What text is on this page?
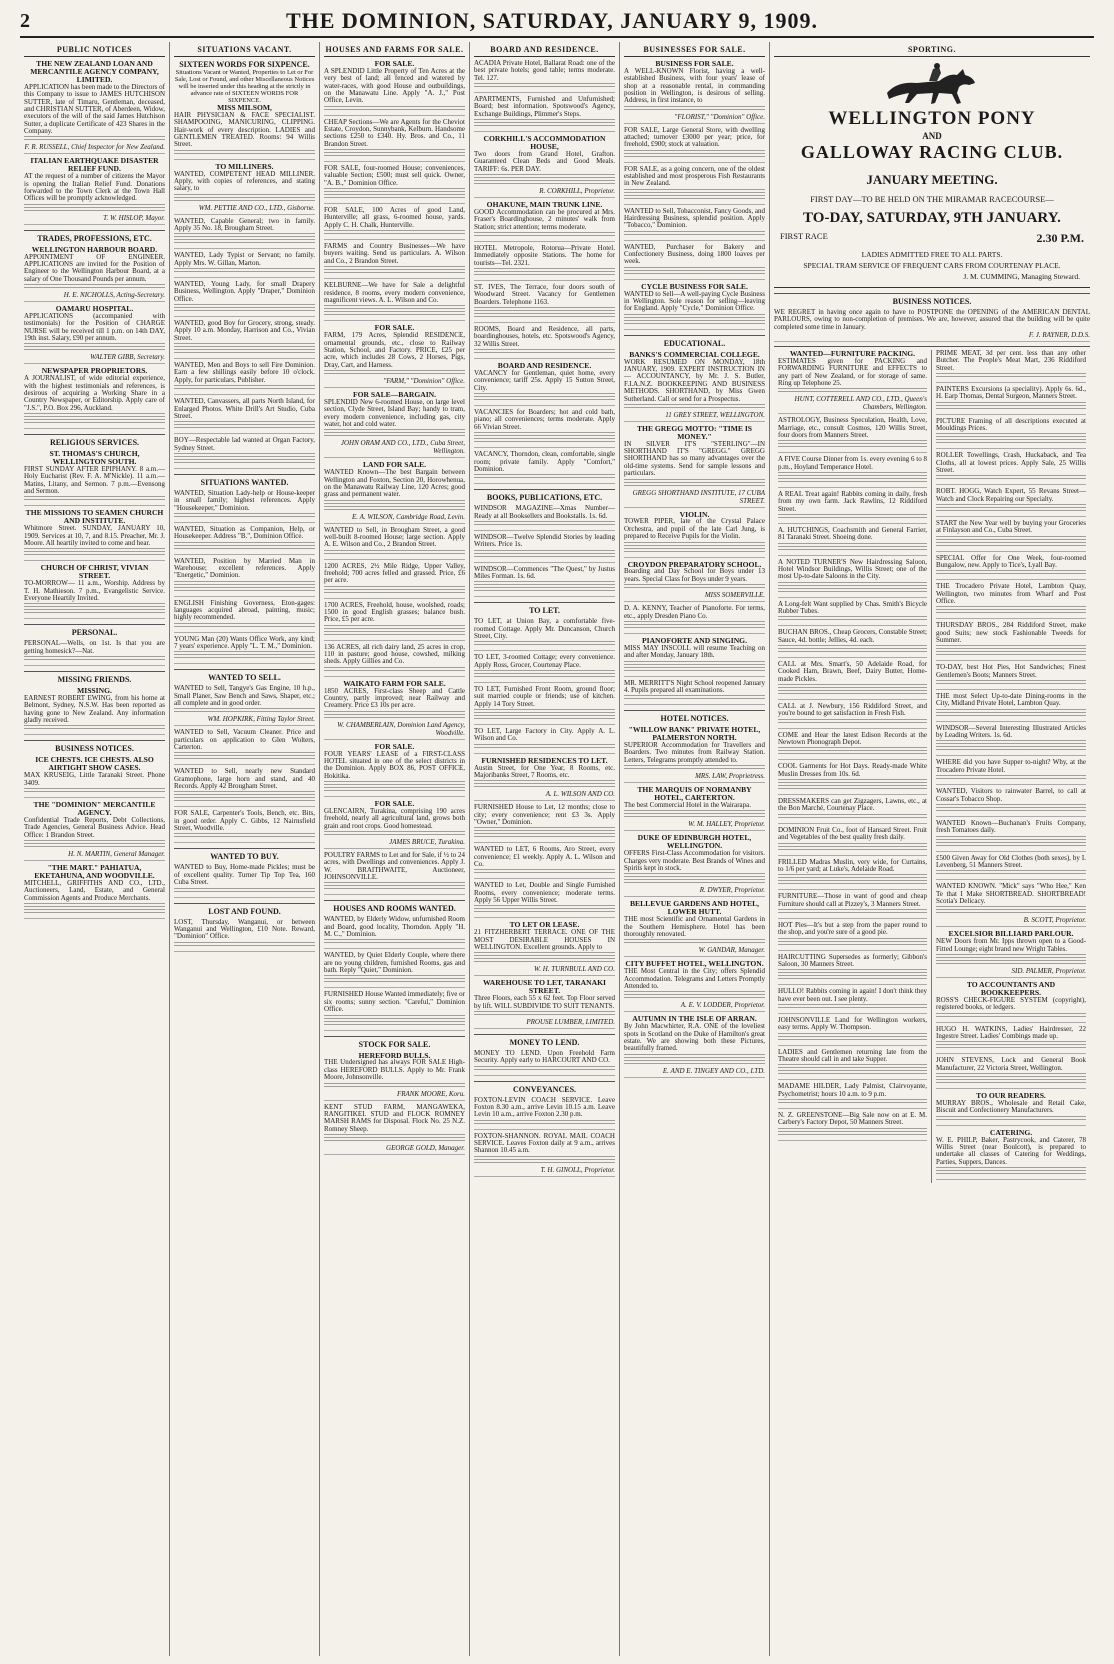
2	THE DOMINION, SATURDAY, JANUARY 9, 1909.
PUBLIC NOTICES
THE NEW ZEALAND LOAN AND MERCANTILE AGENCY COMPANY, LIMITED.
APPLICATION has been made to the Directors of this Company to issue to JAMES HUTCHISON SUTTER, late of Timaru, Gentleman, deceased, and CHRISTIAN SUTTER, of Aberdeen, Widow, executors of the will of the said James Hutchison Sutter, a duplicate Certificate of 423 Shares in the Company.
F. R. RUSSELL, Chief Inspector for New Zealand.
ITALIAN EARTHQUAKE DISASTER RELIEF FUND.
AT the request of a number of citizens the Mayor is opening the Italian Relief Fund. Donations forwarded to the Town Clerk at the Town Hall Offices will be promptly acknowledged.
T. W. HISLOP, Mayor.
TRADES, PROFESSIONS, ETC.
WELLINGTON HARBOUR BOARD.
APPOINTMENT OF ENGINEER. APPLICATIONS are invited for the Position of Engineer to the Wellington Harbour Board, at a salary of One Thousand Pounds per annum.
H. E. NICHOLLS, Acting-Secretary.
OAMARU HOSPITAL.
APPLICATIONS (accompanied with testimonials) for the Position of CHARGE NURSE will be received till 1 p.m. on 14th DAY, 19th inst. Salary, £90 per annum.
WALTER GIBB, Secretary.
NEWSPAPER PROPRIETORS.
A JOURNALIST, of wide editorial experience, with the highest testimonials and references, is desirous of acquiring a Working Share in a Country Newspaper, or Editorship. Apply care of "J.S.", P.O. Box 296, Auckland.
RELIGIOUS SERVICES.
ST. THOMAS'S CHURCH, WELLINGTON SOUTH.
FIRST SUNDAY AFTER EPIPHANY. 8 a.m.—Holy Eucharist (Rev. F. A. M'Nickle). 11 a.m.—Matins, Litany, and Sermon. 7 p.m.—Evensong and Sermon.
THE MISSIONS TO SEAMEN CHURCH AND INSTITUTE.
Whitmore Street. SUNDAY, JANUARY 10, 1909. Services at 10, 7, and 8.15. Preacher, Mr. J. Moore. All heartily invited to come and hear.
CHURCH OF CHRIST, VIVIAN STREET.
TO-MORROW— 11 a.m., Worship. Address by T. H. Mathieson. 7 p.m., Evangelistic Service. Everyone Heartily Invited.
PERSONAL.
PERSONAL—Wells, on 1st. Is that you are getting homesick?—Nat.
MISSING FRIENDS.
MISSING.
EARNEST ROBERT EWING, from his home at Belmont, Sydney, N.S.W. Has been reported as having gone to New Zealand. Any information gladly received.
BUSINESS NOTICES.
ICE CHESTS. ICE CHESTS. ALSO AIRTIGHT SHOW CASES.
MAX KRUSEIG, Little Taranaki Street. Phone 3409.
THE "DOMINION" MERCANTILE AGENCY.
Confidential Trade Reports, Debt Collections, Trade Agencies, General Business Advice. Head Office: 1 Brandon Street.
H. N. MARTIN, General Manager.
"THE MART." PAHIATUA, EKETAHUNA, AND WOODVILLE.
MITCHELL, GRIFFITHS AND CO., LTD., Auctioneers, Land, Estate, and General Commission Agents and Produce Merchants.
SITUATIONS VACANT.
SIXTEEN WORDS FOR SIXPENCE.
Situations Vacant or Wanted, Properties to Let or For Sale, Lost or Found, and other Miscellaneous Notices will be inserted under this heading at the strictly in advance rate of SIXTEEN WORDS FOR SIXPENCE.
MISS MILSOM,
HAIR PHYSICIAN & FACE SPECIALIST. SHAMPOOING, MANICURING, CLIPPING. Hair-work of every description. LADIES and GENTLEMEN TREATED. Rooms: 94 Willis Street.
TO MILLINERS.
WANTED, COMPETENT HEAD MILLINER. Apply, with copies of references, and stating salary, to
WM. PETTIE AND CO., LTD., Gisborne.
WANTED, Capable General; two in family. Apply 35 No. 18, Brougham Street.
WANTED, Lady Typist or Servant; no family. Apply Mrs. W. Gillan, Marton.
WANTED, Young Lady, for small Drapery Business, Wellington. Apply "Draper," Dominion Office.
WANTED, good Boy for Grocery, strong, steady. Apply 10 a.m. Monday, Harrison and Co., Vivian Street.
WANTED, Men and Boys to sell Fire Dominion. Earn a few shillings easily before 10 o'clock. Apply, for particulars, Publisher.
WANTED, Canvassers, all parts North Island, for Enlarged Photos. White Drill's Art Studio, Cuba Street.
BOY—Respectable lad wanted at Organ Factory, Sydney Street.
SITUATIONS WANTED.
WANTED, Situation Lady-help or House-keeper in small family; highest references. Apply "Housekeeper," Dominion.
WANTED, Situation as Companion, Help, or Housekeeper. Address "B.", Dominion Office.
WANTED, Position by Married Man in Warehouse; excellent references. Apply "Energetic," Dominion.
ENGLISH Finishing Governess, Eton-gages: languages acquired abroad, painting, music; highly recommended.
YOUNG Man (20) Wants Office Work, any kind; 7 years' experience. Apply "L. T. M.," Dominion.
WANTED TO SELL.
WANTED to Sell, Tangye's Gas Engine, 10 h.p., Small Planer, Saw Bench and Saws, Shaper, etc.; all complete and in good order.
WM. HOPKIRK, Fitting Taylor Street.
WANTED to Sell, Vacuum Cleaner. Price and particulars on application to Glen Wolters, Carterton.
WANTED to Sell, nearly new Standard Gramophone, large horn and stand, and 40 Records. Apply 42 Brougham Street.
FOR SALE, Carpenter's Tools, Bench, etc. Bits, in good order. Apply C. Gibbs, 12 Nairnsfield Street, Woodville.
WANTED TO BUY.
WANTED to Buy, Home-made Pickles; must be of excellent quality. Turner Tip Top Tea, 160 Cuba Street.
LOST AND FOUND.
LOST, Thursday, Wanganui, or between Wanganui and Wellington, £10 Note. Reward, "Dominion" Office.
HOUSES AND FARMS FOR SALE.
FOR SALE.
A SPLENDID Little Property of Ten Acres at the very best of land; all fenced and watered by water-races, with good House and outbuildings, on the Manawatu Line. Apply "A. J.," Post Office, Levin.
CHEAP Sections—We are Agents for the Cheviot Estate, Croydon, Sunnybank, Kelburn. Handsome sections £250 to £340. Hy. Bros. and Co., 11 Brandon Street.
FOR SALE, four-roomed House; conveniences, valuable Section; £500; must sell quick. Owner, "A. B.," Dominion Office.
FOR SALE, 100 Acres of good Land, Hunterville; all grass, 6-roomed house, yards. Apply C. H. Chalk, Hunterville.
FARMS and Country Businesses—We have buyers waiting. Send us particulars. A. Wilson and Co., 2 Brandon Street.
KELBURNE—We have for Sale a delightful residence, 8 rooms, every modern convenience, magnificent views. A. L. Wilson and Co.
FOR SALE.
FARM, 179 Acres, Splendid RESIDENCE, ornamental grounds, etc., close to Railway Station, School, and Factory. PRICE, £25 per acre, which includes 28 Cows, 2 Horses, Pigs, Dray, Cart, and Harness.
"FARM," "Dominion" Office.
FOR SALE—BARGAIN.
SPLENDID New 6-roomed House, on large level section, Clyde Street, Island Bay; handy to tram, every modern convenience, including gas, city water, hot and cold water.
JOHN ORAM AND CO., LTD., Cuba Street, Wellington.
LAND FOR SALE.
WANTED Known—The best Bargain between Wellington and Foxton, Section 20, Horowhenua, on the Manawatu Railway Line, 120 Acres; good grass and permanent water.
E. A. WILSON, Cambridge Road, Levin.
WANTED to Sell, in Brougham Street, a good well-built 8-roomed House; large section. Apply A. E. Wilson and Co., 2 Brandon Street.
1200 ACRES, 2½ Mile Ridge, Upper Valley, freehold; 700 acres felled and grassed. Price, £6 per acre.
1700 ACRES, Freehold, house, woolshed, roads; 1500 in good English grasses; balance bush. Price, £5 per acre.
136 ACRES, all rich dairy land, 25 acres in crop, 110 in pasture; good house, cowshed, milking sheds. Apply Gillies and Co.
WAIKATO FARM FOR SALE.
1850 ACRES, First-class Sheep and Cattle Country, partly improved; near Railway and Creamery. Price £3 10s per acre.
W. CHAMBERLAIN, Dominion Land Agency, Woodville.
FOR SALE.
FOUR YEARS' LEASE of a FIRST-CLASS HOTEL situated in one of the select districts in the Dominion. Apply BOX 86, POST OFFICE, Hokitika.
FOR SALE.
GLENCAIRN, Turakina, comprising 190 acres freehold, nearly all agricultural land, grows both grain and root crops. Good homestead.
JAMES BRUCE, Turakina.
POULTRY FARMS to Let and for Sale, if ½ to 24 acres, with Dwellings and conveniences. Apply J. W. BRAITHWAITE, Auctioneer, JOHNSONVILLE.
HOUSES AND ROOMS WANTED.
WANTED, by Elderly Widow, unfurnished Room and Board, good locality, Thorndon. Apply "H. M. C.," Dominion.
WANTED, by Quiet Elderly Couple, where there are no young children, furnished Rooms, gas and bath. Reply "Quiet," Dominion.
FURNISHED House Wanted immediately; five or six rooms; sunny section. "Careful," Dominion Office.
STOCK FOR SALE.
HEREFORD BULLS.
THE Undersigned has always FOR SALE High-class HEREFORD BULLS. Apply to Mr. Frank Moore, Johnsonville.
FRANK MOORE, Koru.
KENT STUD FARM, MANGAWEKA, RANGITIKEI. STUD and FLOCK ROMNEY MARSH RAMS for Disposal. Flock No. 25 N.Z. Romney Sheep.
GEORGE GOLD, Manager.
BOARD AND RESIDENCE.
ACADIA Private Hotel, Ballarat Road: one of the best private hotels; good table; terms moderate. Tel. 127.
APARTMENTS, Furnished and Unfurnished; Board; best information. Spotswood's Agency, Exchange Buildings, Plimmer's Steps.
CORKHILL'S ACCOMMODATION HOUSE,
Two doors from Grand Hotel, Grafton. Guaranteed Clean Beds and Good Meals. TARIFF: 6s. PER DAY.
R. CORKHILL, Proprietor.
OHAKUNE, MAIN TRUNK LINE.
GOOD Accommodation can be procured at Mrs. Fraser's Boardinghouse, 2 minutes' walk from Station; strict attention; terms moderate.
HOTEL Metropole, Rotorua—Private Hotel. Immediately opposite Stations. The home for tourists—Tel. 2321.
ST. IVES, The Terrace, four doors south of Woodward Street. Vacancy for Gentlemen Boarders. Telephone 1163.
ROOMS, Board and Residence, all parts, boardinghouses, hotels, etc. Spotswood's Agency, 32 Willis Street.
BOARD AND RESIDENCE.
VACANCY for Gentleman, quiet home, every convenience; tariff 25s. Apply 15 Sutton Street, City.
VACANCIES for Boarders; hot and cold bath, piano; all conveniences; terms moderate. Apply 66 Vivian Street.
VACANCY, Thorndon, clean, comfortable, single room; private family. Apply "Comfort," Dominion.
BOOKS, PUBLICATIONS, ETC.
WINDSOR MAGAZINE—Xmas Number—Ready at all Booksellers and Bookstalls. 1s. 6d.
WINDSOR—Twelve Splendid Stories by leading Writers. Price 1s.
WINDSOR—Commences "The Quest," by Justus Miles Forman. 1s. 6d.
TO LET.
TO LET, at Union Bay, a comfortable five-roomed Cottage. Apply Mr. Duncanson, Church Street, City.
TO LET, 3-roomed Cottage; every convenience. Apply Ross, Grocer, Courtenay Place.
TO LET, Furnished Front Room, ground floor; suit married couple or friends; use of kitchen. Apply 14 Tory Street.
TO LET, Large Factory in City. Apply A. L. Wilson and Co.
FURNISHED RESIDENCES TO LET.
Austin Street, for One Year, 8 Rooms, etc. Majoribanks Street, 7 Rooms, etc.
A. L. WILSON AND CO.
FURNISHED House to Let, 12 months; close to city; every convenience; rent £3 3s. Apply "Owner," Dominion.
WANTED to LET, 6 Rooms, Aro Street, every convenience; £1 weekly. Apply A. L. Wilson and Co.
WANTED to Let, Double and Single Furnished Rooms, every convenience; moderate terms. Apply 56 Upper Willis Street.
TO LET OR LEASE.
21 FITZHERBERT TERRACE. ONE OF THE MOST DESIRABLE HOUSES IN WELLINGTON. Excellent grounds. Apply to
W. H. TURNBULL AND CO.
WAREHOUSE TO LET, TARANAKI STREET.
Three Floors, each 55 x 62 feet. Top Floor served by lift. WILL SUBDIVIDE TO SUIT TENANTS.
PROUSE LUMBER, LIMITED.
MONEY TO LEND.
MONEY TO LEND. Upon Freehold Farm Security. Apply early to HARCOURT AND CO.
CONVEYANCES.
FOXTON-LEVIN COACH SERVICE. Leave Foxton 8.30 a.m., arrive Levin 10.15 a.m. Leave Levin 10 a.m., arrive Foxton 2.30 p.m.
FOXTON-SHANNON. ROYAL MAIL COACH SERVICE. Leaves Foxton daily at 9 a.m., arrives Shannon 10.45 a.m.
T. H. GINOLL, Proprietor.
BUSINESSES FOR SALE.
BUSINESS FOR SALE.
A WELL-KNOWN Florist, having a well-established Business, with four years' lease of shop at a reasonable rental, in commanding position in Wellington, is desirous of selling. Address, in first instance, to
"FLORIST," "Dominion" Office.
FOR SALE, Large General Store, with dwelling attached; turnover £3000 per year; price, for freehold, £900; stock at valuation.
FOR SALE, as a going concern, one of the oldest established and most prosperous Fish Restaurants in New Zealand.
WANTED to Sell, Tobacconist, Fancy Goods, and Hairdressing Business, splendid position. Apply "Tobacco," Dominion.
WANTED, Purchaser for Bakery and Confectionery Business, doing 1800 loaves per week.
CYCLE BUSINESS FOR SALE.
WANTED to Sell—A well-paying Cycle Business in Wellington. Sole reason for selling—leaving for England. Apply "Cycle," Dominion Office.
EDUCATIONAL.
BANKS'S COMMERCIAL COLLEGE.
WORK RESUMED ON MONDAY, 18th JANUARY, 1909. EXPERT INSTRUCTION IN— ACCOUNTANCY, by Mr. J. S. Butler, F.I.A.N.Z. BOOKKEEPING AND BUSINESS METHODS. SHORTHAND, by Miss Gwen Sutherland. Call or send for a Prospectus.
11 GREY STREET, WELLINGTON.
THE GREGG MOTTO: "TIME IS MONEY."
IN SILVER IT'S "STERLING"—IN SHORTHAND IT'S "GREGG." GREGG SHORTHAND has so many advantages over the old-time systems. Send for sample lessons and particulars.
GREGG SHORTHAND INSTITUTE, 17 CUBA STREET.
VIOLIN.
TOWER PIPER, late of the Crystal Palace Orchestra, and pupil of the late Carl Jung, is prepared to Receive Pupils for the Violin.
CROYDON PREPARATORY SCHOOL.
Boarding and Day School for Boys under 13 years. Special Class for Boys under 9 years.
MISS SOMERVILLE.
D. A. KENNY, Teacher of Pianoforte. For terms, etc., apply Dresden Piano Co.
PIANOFORTE AND SINGING.
MISS MAY INSCOLL will resume Teaching on and after Monday, January 18th.
MR. MERRITT'S Night School reopened January 4. Pupils prepared all examinations.
HOTEL NOTICES.
"WILLOW BANK" PRIVATE HOTEL, PALMERSTON NORTH.
SUPERIOR Accommodation for Travellers and Boarders. Two minutes from Railway Station. Letters, Telegrams promptly attended to.
MRS. LAW, Proprietress.
THE MARQUIS OF NORMANBY HOTEL, CARTERTON.
The best Commercial Hotel in the Wairarapa.
W. M. HALLEY, Proprietor.
DUKE OF EDINBURGH HOTEL, WELLINGTON.
OFFERS First-Class Accommodation for visitors. Charges very moderate. Best Brands of Wines and Spirits kept in stock.
R. DWYER, Proprietor.
BELLEVUE GARDENS AND HOTEL, LOWER HUTT.
THE most Scientific and Ornamental Gardens in the Southern Hemisphere. Hotel has been thoroughly renovated.
W. GANDAR, Manager.
CITY BUFFET HOTEL, WELLINGTON.
THE Most Central in the City; offers Splendid Accommodation. Telegrams and Letters Promptly Attended to.
A. E. V. LODDER, Proprietor.
AUTUMN IN THE ISLE OF ARRAN.
By John Macwhirter, R.A. ONE of the loveliest spots in Scotland on the Duke of Hamilton's great estate. We are showing both these Pictures, beautifully framed.
E. AND E. TINGEY AND CO., LTD.
SPORTING.
WELLINGTON PONY
AND
GALLOWAY RACING CLUB.
JANUARY MEETING.
FIRST DAY—TO BE HELD ON THE MIRAMAR RACECOURSE—
TO-DAY, SATURDAY, 9TH JANUARY.
FIRST RACE	2.30 P.M.
LADIES ADMITTED FREE TO ALL PARTS.
SPECIAL TRAM SERVICE OF FREQUENT CARS FROM COURTENAY PLACE.
J. M. CUMMING, Managing Steward.
BUSINESS NOTICES.
WE REGRET in having once again to have to POSTPONE the OPENING of the AMERICAN DENTAL PARLOURS, owing to non-completion of premises. We are, however, assured that the building will be quite completed some time in January.
F. J. RAYNER, D.D.S.
WANTED—FURNITURE PACKING.
ESTIMATES given for PACKING and FORWARDING FURNITURE and EFFECTS to any part of New Zealand, or for storage of same. Ring up Telephone 25.
HUNT, COTTERELL AND CO., LTD., Queen's Chambers, Wellington.
ASTROLOGY, Business Speculation, Health, Love, Marriage, etc., consult Cosmos, 120 Willis Street, four doors from Manners Street.
A FIVE Course Dinner from 1s. every evening 6 to 8 p.m., Hoyland Temperance Hotel.
A REAL Treat again! Rabbits coming in daily, fresh from my own farm. Jack Rawlins, 12 Riddiford Street.
A. HUTCHINGS, Coachsmith and General Farrier, 81 Taranaki Street. Shoeing done.
A NOTED TURNER'S New Hairdressing Saloon, Hotel Windsor Buildings, Willis Street; one of the most Up-to-date Saloons in the City.
A Long-felt Want supplied by Chas. Smith's Bicycle Rubber Tubes.
BUCHAN BROS., Cheap Grocers, Constable Street; Sauce, 4d. bottle; Jellies, 4d. each.
CALL at Mrs. Smart's, 50 Adelaide Road, for Cooked Ham, Brawn, Beef, Dairy Butter, Home-made Pickles.
CALL at J. Newbury, 156 Riddiford Street, and you're bound to get satisfaction in Fresh Fish.
COME and Hear the latest Edison Records at the Newtown Phonograph Depot.
COOL Garments for Hot Days. Ready-made White Muslin Dresses from 10s. 6d.
DRESSMAKERS can get Zigzagers, Lawns, etc., at the Bon Marché, Courtenay Place.
DOMINION Fruit Co., foot of Hansard Street. Fruit and Vegetables of the best quality fresh daily.
FRILLED Madras Muslin, very wide, for Curtains, to 1/6 per yard; at Luke's, Adelaide Road.
FURNITURE—Those in want of good and cheap Furniture should call at Pizzey's, 3 Manners Street.
HOT Pies—It's but a step from the paper round to the shop, and you're sure of a good pie.
HAIRCUTTING Supersedes as formerly; Gibbon's Saloon, 30 Manners Street.
HULLO! Rabbits coming in again! I don't think they have ever been out. I see plenty.
JOHNSONVILLE Land for Wellington workers, easy terms. Apply W. Thompson.
LADIES and Gentlemen returning late from the Theatre should call in and take Supper.
MADAME HILDER, Lady Palmist, Clairvoyante, Psychometrist; hours 10 a.m. to 9 p.m.
N. Z. GREENSTONE—Big Sale now on at E. M. Carbery's Factory Depot, 50 Manners Street.
PRIME MEAT, 3d per cent. less than any other Butcher. The People's Meat Mart, 236 Riddiford Street.
PAINTERS Excursions (a speciality). Apply 6s. 6d., H. Earp Thomas, Dental Surgeon, Manners Street.
PICTURE Framing of all descriptions executed at Mouldings Prices.
ROLLER Towellings, Crash, Huckaback, and Tea Cloths, all at lowest prices. Apply Sale, 25 Willis Street.
ROBT. HOGG, Watch Expert, 55 Revans Street—Watch and Clock Repairing our Specialty.
START the New Year well by buying your Groceries at Finlayson and Co., Cuba Street.
SPECIAL Offer for One Week, four-roomed Bungalow, new. Apply to Tice's, Lyall Bay.
THE Trocadero Private Hotel, Lambton Quay, Wellington, two minutes from Wharf and Post Office.
THURSDAY BROS., 284 Riddiford Street, make good Suits; new stock Fashionable Tweeds for Summer.
TO-DAY, best Hot Pies, Hot Sandwiches; Finest Gentlemen's Boots; Manners Street.
THE most Select Up-to-date Dining-rooms in the City, Midland Private Hotel, Lambton Quay.
WINDSOR—Several Interesting Illustrated Articles by Leading Writers. 1s. 6d.
WHERE did you have Supper to-night? Why, at the Trocadero Private Hotel.
WANTED, Visitors to rainwater Barrel, to call at Cossar's Tobacco Shop.
WANTED Known—Buchanan's Fruits Company, fresh Tomatoes daily.
£500 Given Away for Old Clothes (both sexes), by I. Levenberg, 51 Manners Street.
WANTED KNOWN. "Mick" says "Who Hee," Ken Te that I Make SHORTBREAD. SHORTBREAD! Scotia's Delicacy.
B. SCOTT, Proprietor.
EXCELSIOR BILLIARD PARLOUR.
NEW Doors from Mr. Ipps thrown open to a Good-Fitted Lounge; eight brand new Wright Tables.
SID. PALMER, Proprietor.
TO ACCOUNTANTS AND BOOKKEEPERS.
ROSS'S CHECK-FIGURE SYSTEM (copyright), registered books, or ledgers.
HUGO H. WATKINS, Ladies' Hairdresser, 22 Ingestre Street. Ladies' Combings made up.
JOHN STEVENS, Lock and General Book Manufacturer, 22 Victoria Street, Wellington.
TO OUR READERS.
MURRAY BROS., Wholesale and Retail Cake, Biscuit and Confectionery Manufacturers.
CATERING.
W. E. PHILP, Baker, Pastrycook, and Caterer, 78 Willis Street (near Boulcott), is prepared to undertake all classes of Catering for Weddings, Parties, Suppers, Dances.
